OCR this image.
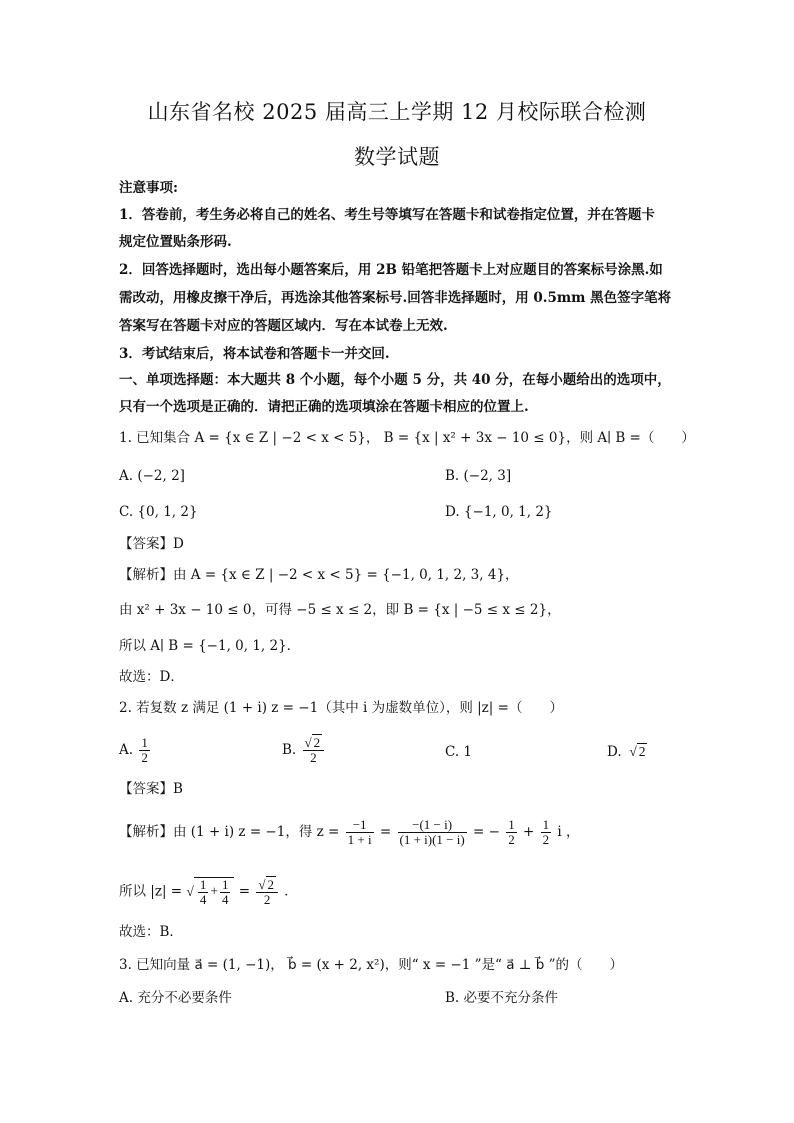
山东省名校 2025 届高三上学期 12 月校际联合检测
数学试题
注意事项:
1．答卷前，考生务必将自己的姓名、考生号等填写在答题卡和试卷指定位置，并在答题卡
规定位置贴条形码.
2．回答选择题时，选出每小题答案后，用 2B 铅笔把答题卡上对应题目的答案标号涂黑.如
需改动，用橡皮擦干净后，再选涂其他答案标号.回答非选择题时，用 0.5mm 黑色签字笔将
答案写在答题卡对应的答题区域内．写在本试卷上无效.
3．考试结束后，将本试卷和答题卡一并交回.
一、单项选择题：本大题共 8 个小题，每个小题 5 分，共 40 分，在每小题给出的选项中，
只有一个选项是正确的．请把正确的选项填涂在答题卡相应的位置上.
1. 已知集合 A = {x ∈ Z | −2 < x < 5}， B = {x | x² + 3x − 10 ≤ 0}，则 A∣ B =（　　）
A. (−2, 2]	B. (−2, 3]
C. {0, 1, 2}	D. {−1, 0, 1, 2}
【答案】D
【解析】由 A = {x ∈ Z | −2 < x < 5} = {−1, 0, 1, 2, 3, 4}，
由 x² + 3x − 10 ≤ 0，可得 −5 ≤ x ≤ 2，即 B = {x | −5 ≤ x ≤ 2}，
所以 A∣ B = {−1, 0, 1, 2}．
故选：D．
2. 若复数 z 满足 (1 + i) z = −1（其中 i 为虚数单位），则 |z| =（　　）
A. $\frac{1}{2}$	B. $\frac{√ 2}{2}$	C. 1	D.  √ 2
【答案】B
【解析】由 (1 + i) z = −1，得 $z = \frac{-1}{1 + i} = \frac{-(1 - i)}{(1 + i)(1 - i)}$ = − $\frac{1}{2} + \frac{1}{2}$ i ，
所以 |z| = √ $\frac{1}{4} + \frac{1}{4} = \frac{√ 2}{2}$ ．
故选：B．
3. 已知向量 a⃗ = (1, −1)， b⃗ = (x + 2, x²)，则“ x = −1 ”是“ a⃗ ⊥ b⃗ ”的（　　）
A. 充分不必要条件	B. 必要不充分条件
